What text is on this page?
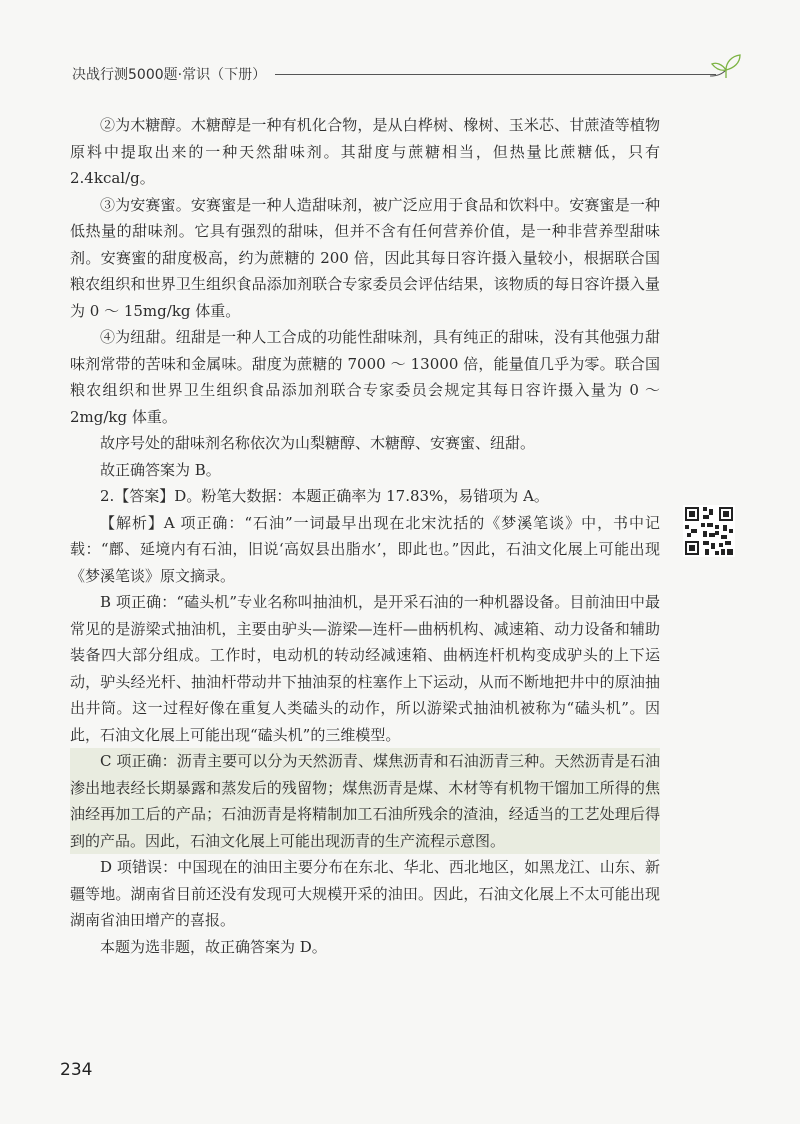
决战行测5000题·常识（下册）

②为木糖醇。木糖醇是一种有机化合物，是从白桦树、橡树、玉米芯、甘蔗渣等植物原料中提取出来的一种天然甜味剂。其甜度与蔗糖相当，但热量比蔗糖低，只有2.4kcal/g。

③为安赛蜜。安赛蜜是一种人造甜味剂，被广泛应用于食品和饮料中。安赛蜜是一种低热量的甜味剂。它具有强烈的甜味，但并不含有任何营养价值，是一种非营养型甜味剂。安赛蜜的甜度极高，约为蔗糖的 200 倍，因此其每日容许摄入量较小，根据联合国粮农组织和世界卫生组织食品添加剂联合专家委员会评估结果，该物质的每日容许摄入量为 0 ～ 15mg/kg 体重。

④为纽甜。纽甜是一种人工合成的功能性甜味剂，具有纯正的甜味，没有其他强力甜味剂常带的苦味和金属味。甜度为蔗糖的 7000 ～ 13000 倍，能量值几乎为零。联合国粮农组织和世界卫生组织食品添加剂联合专家委员会规定其每日容许摄入量为 0 ～ 2mg/kg 体重。

故序号处的甜味剂名称依次为山梨糖醇、木糖醇、安赛蜜、纽甜。

故正确答案为 B。

2.【答案】D。粉笔大数据：本题正确率为 17.83%，易错项为 A。

【解析】A 项正确：“石油”一词最早出现在北宋沈括的《梦溪笔谈》中，书中记载：“鄜、延境内有石油，旧说‘高奴县出脂水’，即此也。”因此，石油文化展上可能出现《梦溪笔谈》原文摘录。

B 项正确：“磕头机”专业名称叫抽油机，是开采石油的一种机器设备。目前油田中最常见的是游梁式抽油机，主要由驴头—游梁—连杆—曲柄机构、减速箱、动力设备和辅助装备四大部分组成。工作时，电动机的转动经减速箱、曲柄连杆机构变成驴头的上下运动，驴头经光杆、抽油杆带动井下抽油泵的柱塞作上下运动，从而不断地把井中的原油抽出井筒。这一过程好像在重复人类磕头的动作，所以游梁式抽油机被称为“磕头机”。因此，石油文化展上可能出现“磕头机”的三维模型。

C 项正确：沥青主要可以分为天然沥青、煤焦沥青和石油沥青三种。天然沥青是石油渗出地表经长期暴露和蒸发后的残留物；煤焦沥青是煤、木材等有机物干馏加工所得的焦油经再加工后的产品；石油沥青是将精制加工石油所残余的渣油，经适当的工艺处理后得到的产品。因此，石油文化展上可能出现沥青的生产流程示意图。

D 项错误：中国现在的油田主要分布在东北、华北、西北地区，如黑龙江、山东、新疆等地。湖南省目前还没有发现可大规模开采的油田。因此，石油文化展上不太可能出现湖南省油田增产的喜报。

本题为选非题，故正确答案为 D。

234
